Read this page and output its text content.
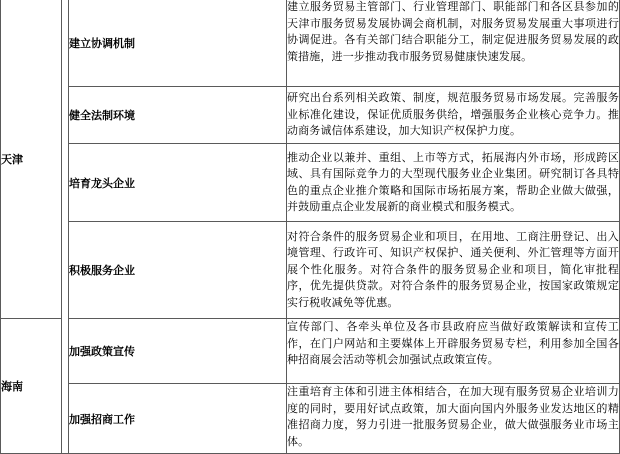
天津		建立协调机制	建立服务贸易主管部门、行业管理部门、职能部门和各区县参加的天津市服务贸易发展协调会商机制，对服务贸易发展重大事项进行协调促进。各有关部门结合职能分工，制定促进服务贸易发展的政策措施，进一步推动我市服务贸易健康快速发展。
		健全法制环境	研究出台系列相关政策、制度，规范服务贸易市场发展。完善服务业标准化建设，保证优质服务供给，增强服务企业核心竞争力。推动商务诚信体系建设，加大知识产权保护力度。
		培育龙头企业	推动企业以兼并、重组、上市等方式，拓展海内外市场，形成跨区域、具有国际竞争力的大型现代服务业企业集团。研究制订各具特色的重点企业推介策略和国际市场拓展方案，帮助企业做大做强，并鼓励重点企业发展新的商业模式和服务模式。
		积极服务企业	对符合条件的服务贸易企业和项目，在用地、工商注册登记、出入境管理、行政许可、知识产权保护、通关便利、外汇管理等方面开展个性化服务。对符合条件的服务贸易企业和项目，简化审批程序，优先提供贷款。对符合条件的服务贸易企业，按国家政策规定实行税收减免等优惠。
海南		加强政策宣传	宣传部门、各牵头单位及各市县政府应当做好政策解读和宣传工作，在门户网站和主要媒体上开辟服务贸易专栏，利用参加全国各种招商展会活动等机会加强试点政策宣传。
		加强招商工作	注重培育主体和引进主体相结合，在加大现有服务贸易企业培训力度的同时，要用好试点政策，加大面向国内外服务业发达地区的精准招商力度，努力引进一批服务贸易企业，做大做强服务业市场主体。
